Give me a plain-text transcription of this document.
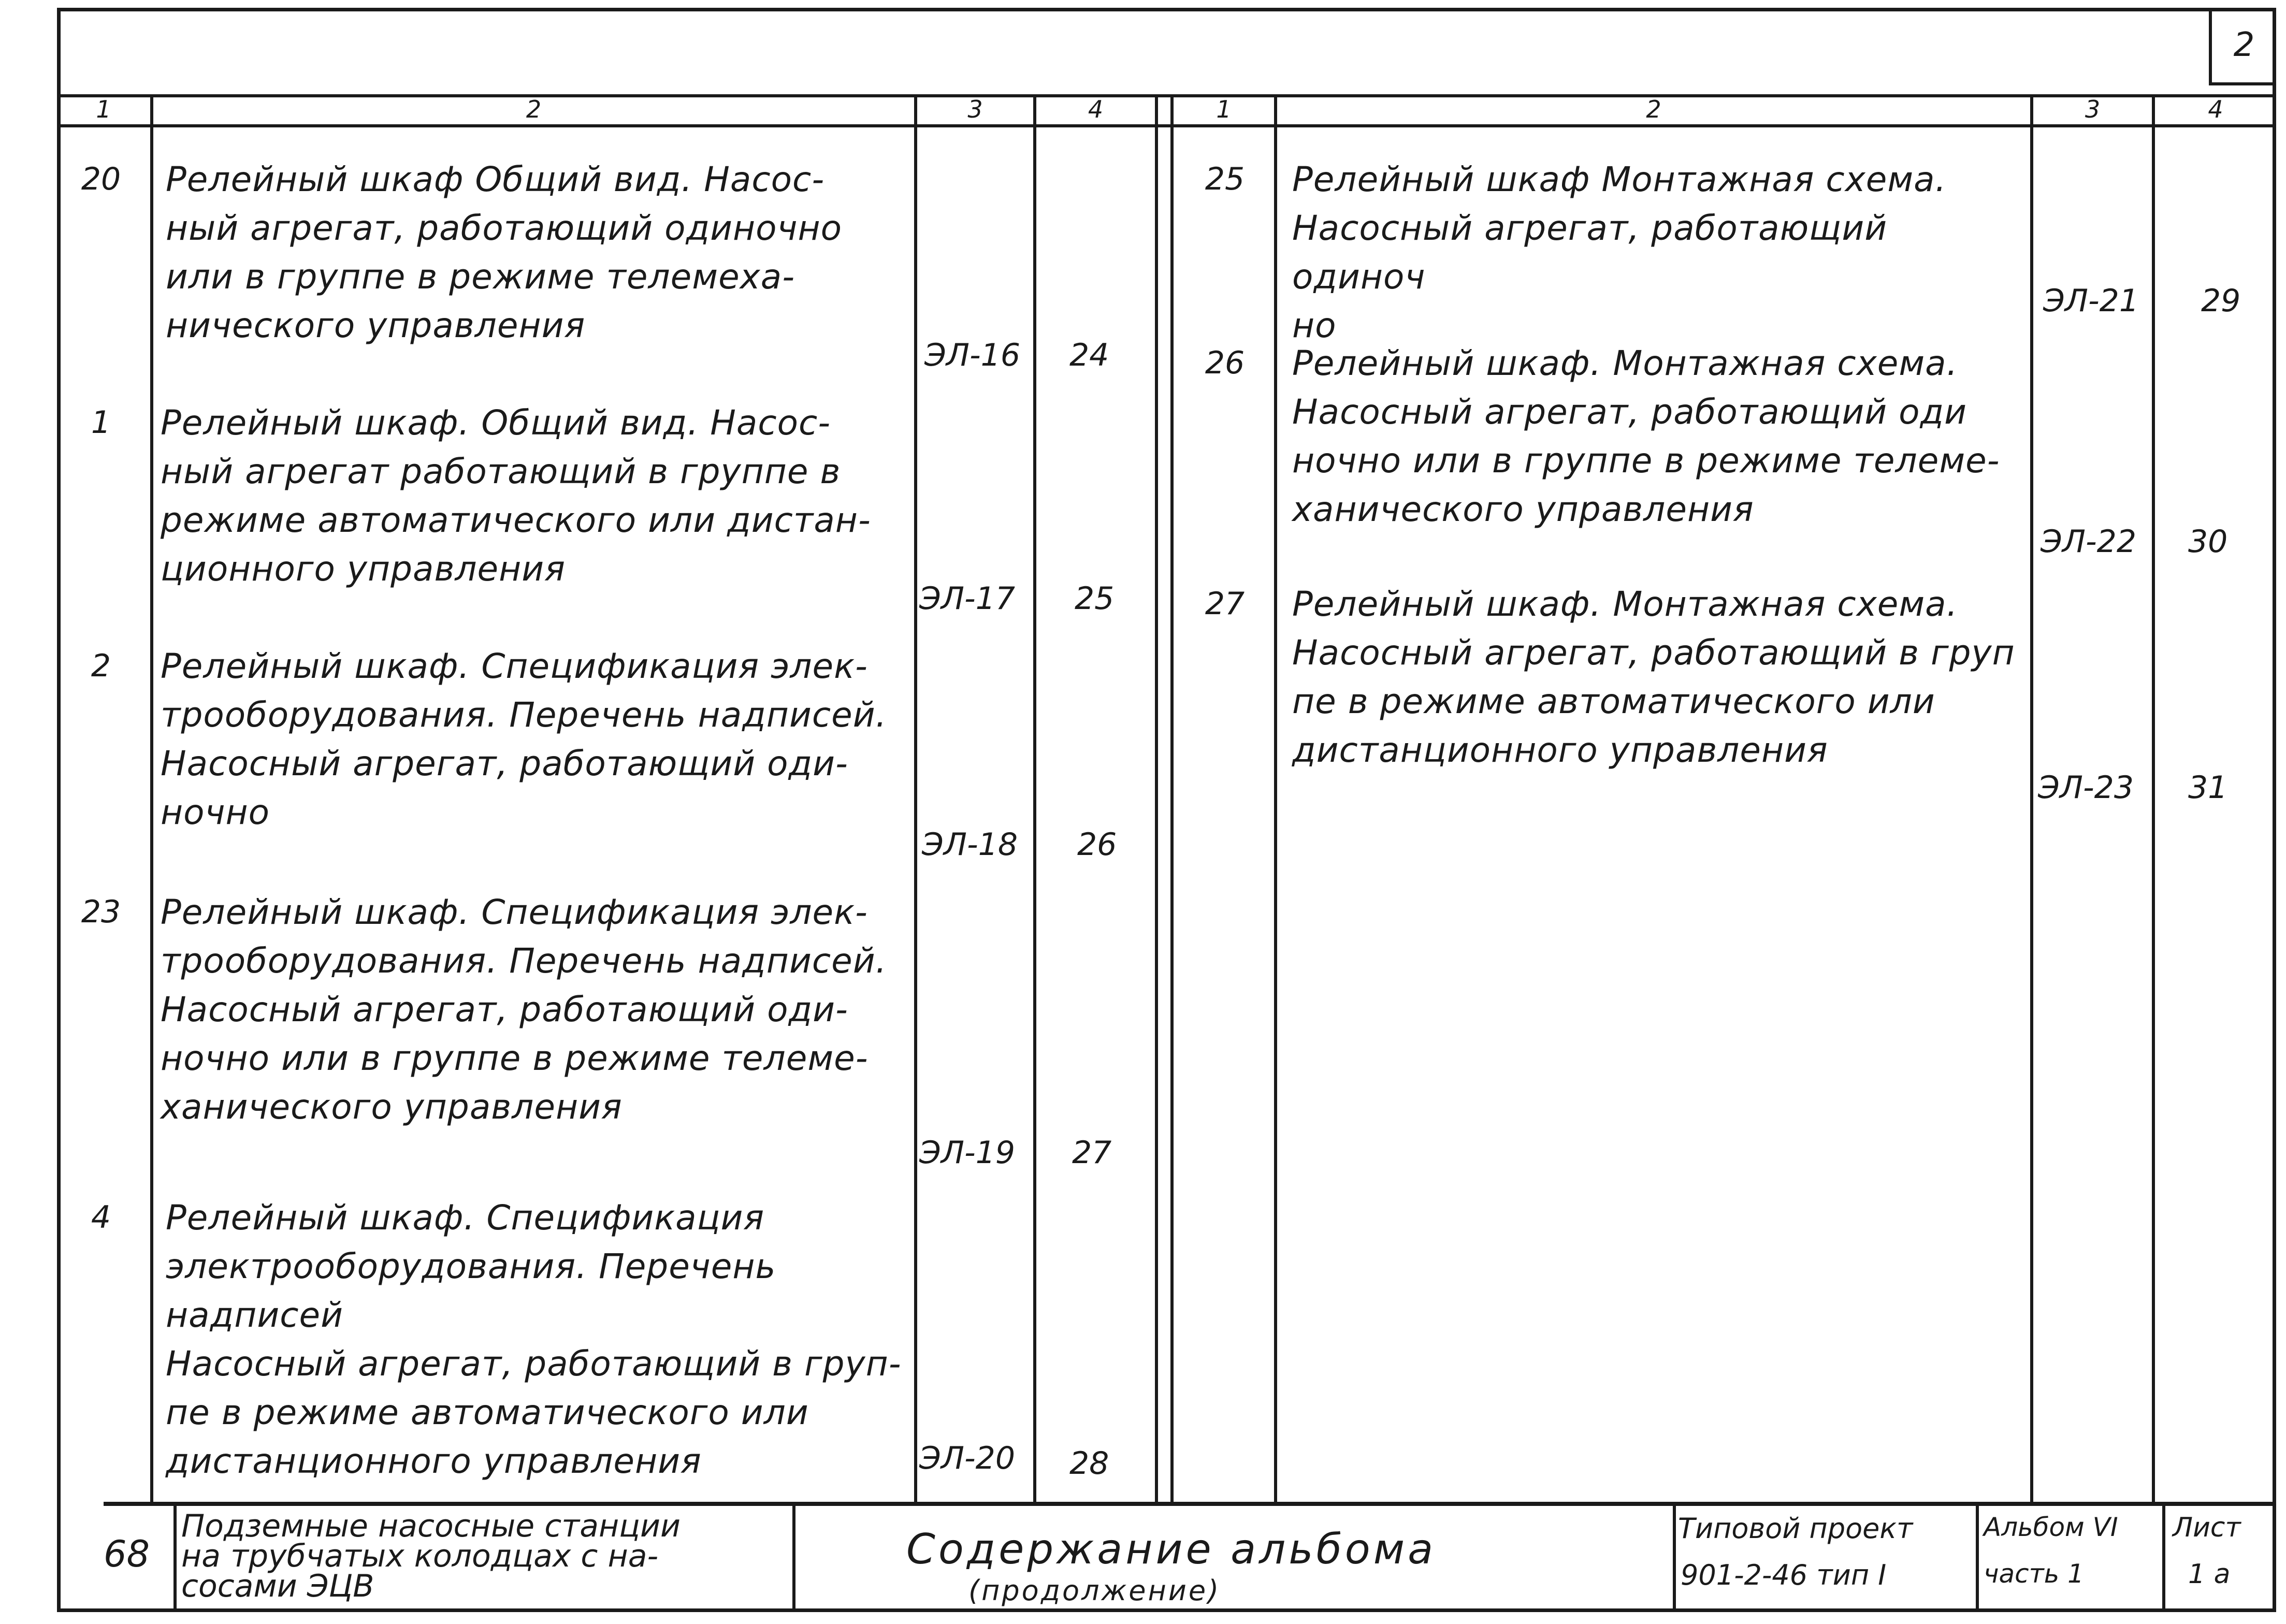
2
1	2	3	4	1	2	3	4
20 Релейный шкаф Общий вид. Насос-
ный агрегат, работающий одиночно
или в группе в режиме телемеха-
нического управления
ЭЛ-16 24
1	Релейный шкаф. Общий вид. Насос-
ный агрегат работающий в группе в
режиме автоматического или дистан-
ционного управления
ЭЛ-17 25
2	Релейный шкаф. Спецификация элек-
трооборудования. Перечень надписей.
Насосный агрегат, работающий оди-
ночно
ЭЛ-18 26
23 Релейный шкаф. Спецификация элек-
трооборудования. Перечень надписей.
Насосный агрегат, работающий оди-
ночно или в группе в режиме телеме-
ханического управления
ЭЛ-19 27
4	Релейный шкаф. Спецификация
электрооборудования. Перечень надписей
Насосный агрегат, работающий в груп-
пе в режиме автоматического или
дистанционного управления	ЭЛ-20 28
25 Релейный шкаф Монтажная схема.
Насосный агрегат, работающий одиноч
но
ЭЛ-21 29
26 Релейный шкаф. Монтажная схема.
Насосный агрегат, работающий оди
ночно или в группе в режиме телеме-
ханического управления
ЭЛ-22 30
27 Релейный шкаф. Монтажная схема.
Насосный агрегат, работающий в груп
пе в режиме автоматического или
дистанционного управления
ЭЛ-23 31
68
Подземные насосные станции
на трубчатых колодцах с на-
сосами ЭЦВ
Содержание альбома
(продолжение)
Типовой проект
901-2-46 тип I
Альбом VI
часть 1
Лист
1 а
